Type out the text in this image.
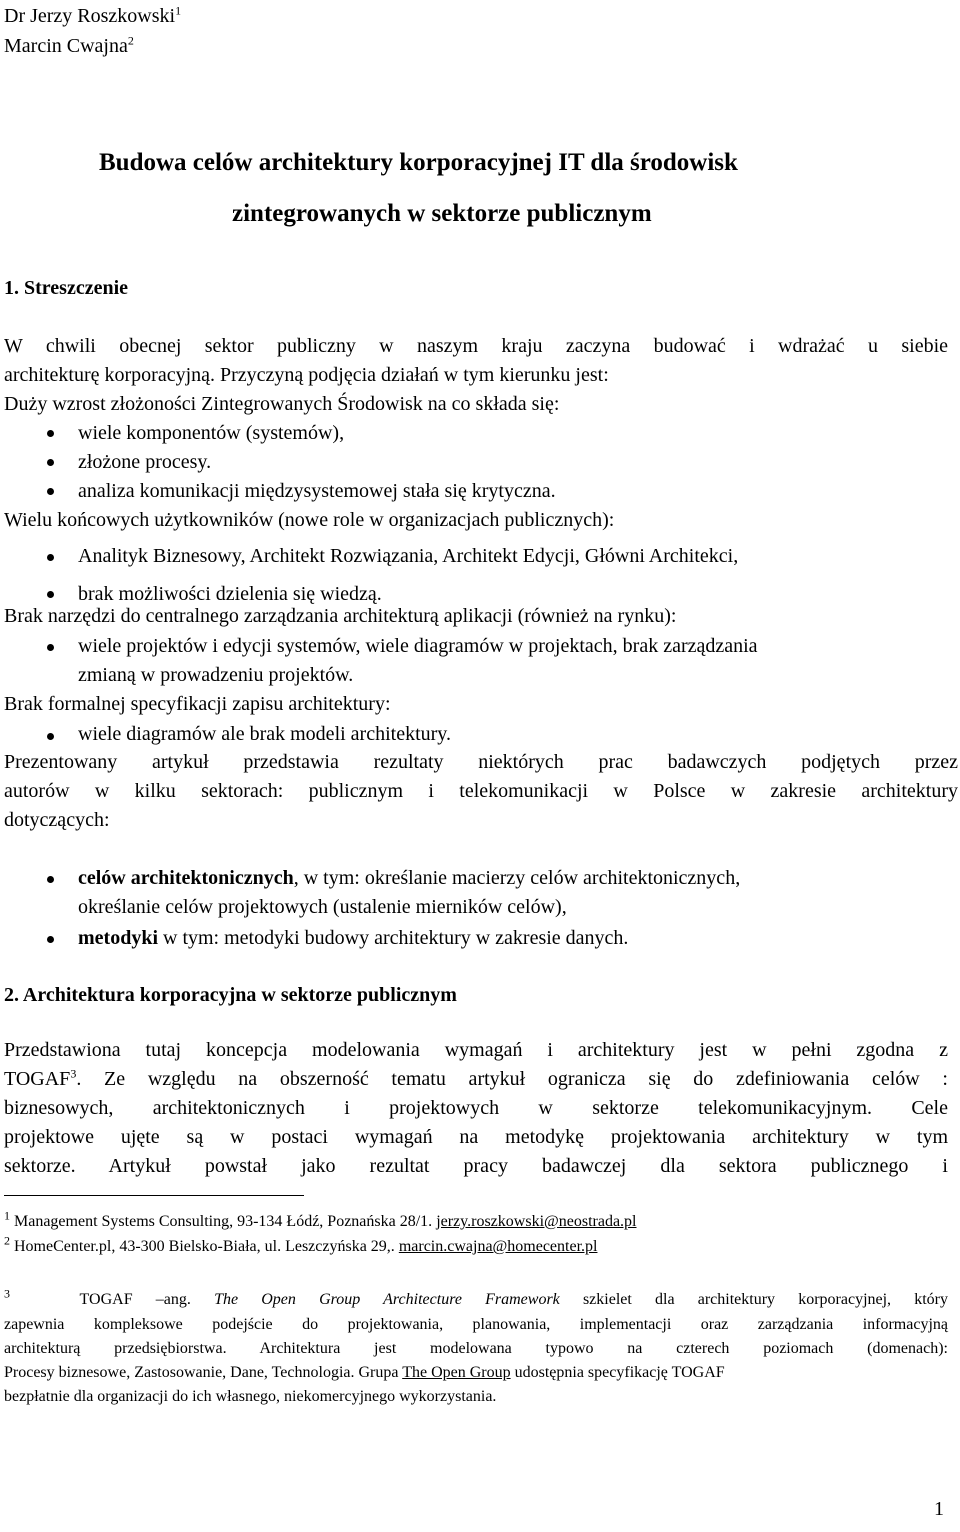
Dr Jerzy Roszkowski$^1$
Marcin Cwajna$^2$
Budowa celów architektury korporacyjnej IT dla środowisk
zintegrowanych w sektorze publicznym
1. Streszczenie
W chwili obecnej sektor publiczny w naszym kraju zaczyna budować i wdrażać u siebie
architekturę korporacyjną. Przyczyną podjęcia działań w tym kierunku jest:
Duży wzrost złożoności Zintegrowanych Środowisk na co składa się:
wiele komponentów (systemów),
złożone procesy.
analiza komunikacji międzysystemowej stała się krytyczna.
Wielu końcowych użytkowników (nowe role w organizacjach publicznych):
Analityk Biznesowy, Architekt Rozwiązania, Architekt Edycji, Główni Architekci,
brak możliwości dzielenia się wiedzą.
Brak narzędzi do centralnego zarządzania architekturą aplikacji (również na rynku):
wiele projektów i edycji systemów, wiele diagramów w projektach, brak zarządzania
zmianą w prowadzeniu projektów.
Brak formalnej specyfikacji zapisu architektury:
wiele diagramów ale brak modeli architektury.
Prezentowany artykuł przedstawia rezultaty niektórych prac badawczych podjętych przez
autorów w kilku sektorach: publicznym i telekomunikacji w Polsce w zakresie architektury
dotyczących:
celów architektonicznych, w tym: określanie macierzy celów architektonicznych,
określanie celów projektowych (ustalenie mierników celów),
metodyki w tym: metodyki budowy architektury w zakresie danych.
2. Architektura korporacyjna w sektorze publicznym
Przedstawiona tutaj koncepcja modelowania wymagań i architektury jest w pełni zgodna z
TOGAF$^3$. Ze względu na obszerność tematu artykuł ogranicza się do zdefiniowania celów :
biznesowych, architektonicznych i projektowych w sektorze telekomunikacyjnym. Cele
projektowe ujęte są w postaci wymagań na metodykę projektowania architektury w tym
sektorze. Artykuł powstał jako rezultat pracy badawczej dla sektora publicznego i
$^1$ Management Systems Consulting, 93-134 Łódź, Poznańska 28/1. jerzy.roszkowski@neostrada.pl
$^2$ HomeCenter.pl, 43-300 Bielsko-Biała, ul. Leszczyńska 29,. marcin.cwajna@homecenter.pl
$^3$	TOGAF –ang. The Open Group Architecture Framework szkielet dla architektury korporacyjnej, który
zapewnia kompleksowe podejście do projektowania, planowania, implementacji oraz zarządzania informacyjną
architekturą przedsiębiorstwa. Architektura jest modelowana typowo na czterech poziomach (domenach):
Procesy biznesowe, Zastosowanie, Dane, Technologia. Grupa The Open Group udostępnia specyfikację TOGAF
bezpłatnie dla organizacji do ich własnego, niekomercyjnego wykorzystania.
1
